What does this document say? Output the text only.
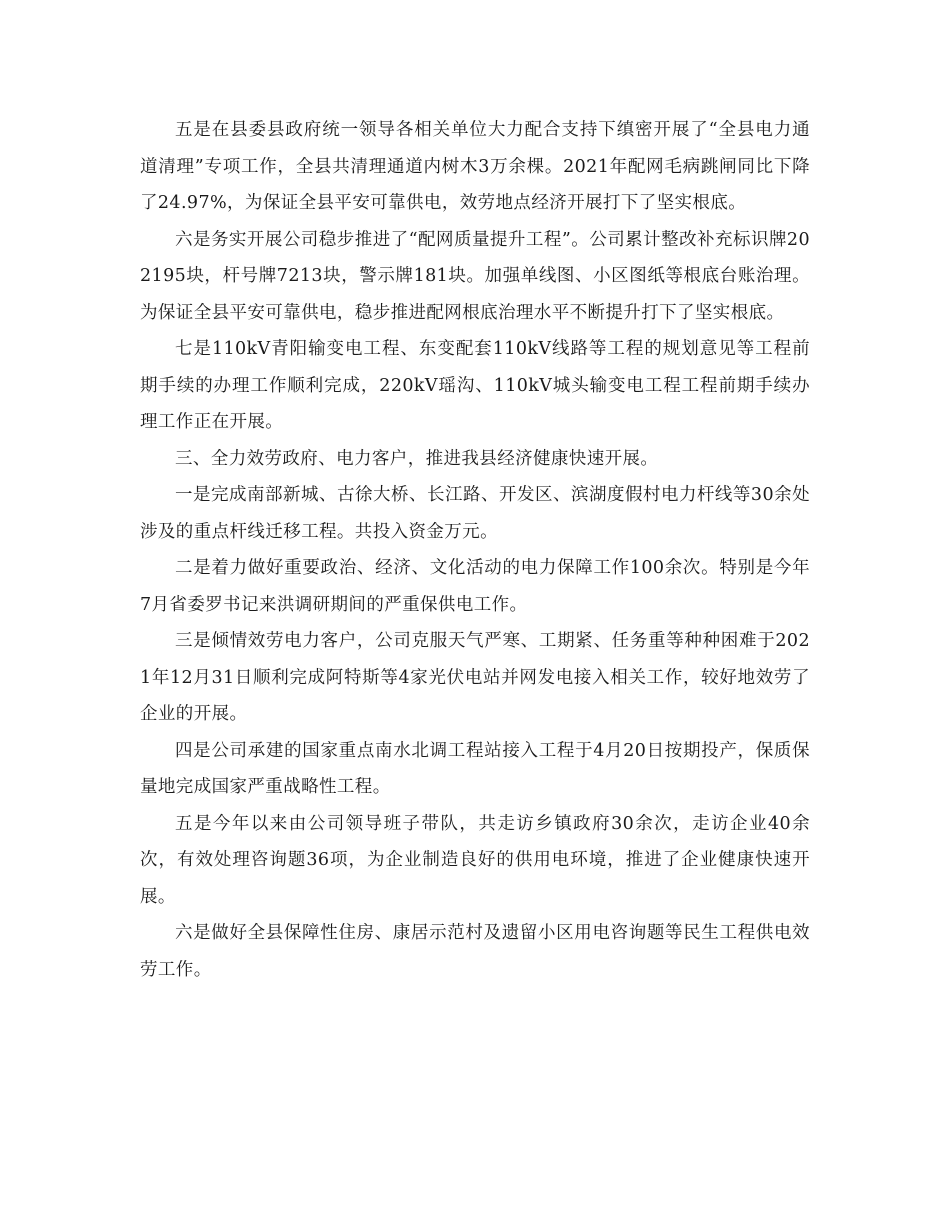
五是在县委县政府统一领导各相关单位大力配合支持下缜密开展了“全县电力通道清理”专项工作，全县共清理通道内树木3万余棵。2021年配网毛病跳闸同比下降了24.97%，为保证全县平安可靠供电，效劳地点经济开展打下了坚实根底。

六是务实开展公司稳步推进了“配网质量提升工程”。公司累计整改补充标识牌202195块，杆号牌7213块，警示牌181块。加强单线图、小区图纸等根底台账治理。为保证全县平安可靠供电，稳步推进配网根底治理水平不断提升打下了坚实根底。

七是110kV青阳输变电工程、东变配套110kV线路等工程的规划意见等工程前期手续的办理工作顺利完成，220kV瑶沟、110kV城头输变电工程工程前期手续办理工作正在开展。

三、全力效劳政府、电力客户，推进我县经济健康快速开展。

一是完成南部新城、古徐大桥、长江路、开发区、滨湖度假村电力杆线等30余处涉及的重点杆线迁移工程。共投入资金万元。

二是着力做好重要政治、经济、文化活动的电力保障工作100余次。特别是今年7月省委罗书记来洪调研期间的严重保供电工作。

三是倾情效劳电力客户，公司克服天气严寒、工期紧、任务重等种种困难于2021年12月31日顺利完成阿特斯等4家光伏电站并网发电接入相关工作，较好地效劳了企业的开展。

四是公司承建的国家重点南水北调工程站接入工程于4月20日按期投产，保质保量地完成国家严重战略性工程。

五是今年以来由公司领导班子带队，共走访乡镇政府30余次，走访企业40余次，有效处理咨询题36项，为企业制造良好的供用电环境，推进了企业健康快速开展。

六是做好全县保障性住房、康居示范村及遗留小区用电咨询题等民生工程供电效劳工作。
